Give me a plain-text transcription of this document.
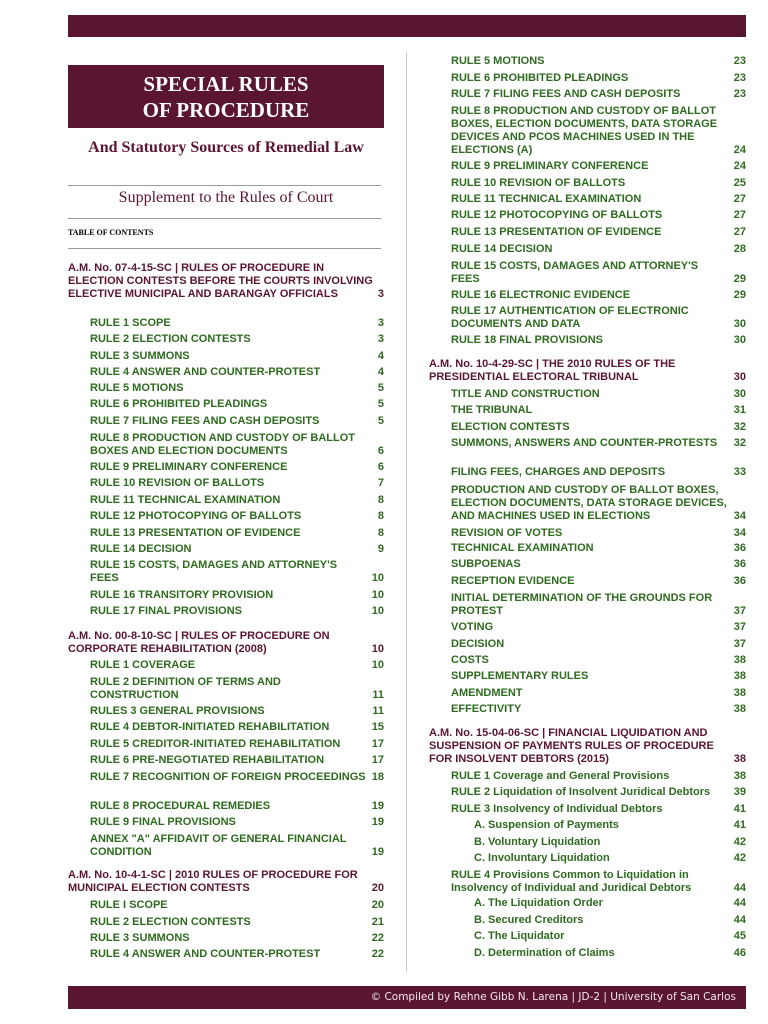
SPECIAL RULES
OF PROCEDURE
And Statutory Sources of Remedial Law
Supplement to the Rules of Court
TABLE OF CONTENTS
A.M. No. 07-4-15-SC | RULES OF PROCEDURE IN ELECTION CONTESTS BEFORE THE COURTS INVOLVING ELECTIVE MUNICIPAL AND BARANGAY OFFICIALS	3
RULE 1 SCOPE	3
RULE 2 ELECTION CONTESTS	3
RULE 3 SUMMONS	4
RULE 4 ANSWER AND COUNTER-PROTEST	4
RULE 5 MOTIONS	5
RULE 6 PROHIBITED PLEADINGS	5
RULE 7 FILING FEES AND CASH DEPOSITS	5
RULE 8 PRODUCTION AND CUSTODY OF BALLOT BOXES AND ELECTION DOCUMENTS	6
RULE 9 PRELIMINARY CONFERENCE	6
RULE 10 REVISION OF BALLOTS	7
RULE 11 TECHNICAL EXAMINATION	8
RULE 12 PHOTOCOPYING OF BALLOTS	8
RULE 13 PRESENTATION OF EVIDENCE	8
RULE 14 DECISION	9
RULE 15 COSTS, DAMAGES AND ATTORNEY'S FEES	10
RULE 16 TRANSITORY PROVISION	10
RULE 17 FINAL PROVISIONS	10
A.M. No. 00-8-10-SC | RULES OF PROCEDURE ON CORPORATE REHABILITATION (2008)	10
RULE 1 COVERAGE	10
RULE 2 DEFINITION OF TERMS AND CONSTRUCTION	11
RULES 3 GENERAL PROVISIONS	11
RULE 4 DEBTOR-INITIATED REHABILITATION	15
RULE 5 CREDITOR-INITIATED REHABILITATION	17
RULE 6 PRE-NEGOTIATED REHABILITATION	17
RULE 7 RECOGNITION OF FOREIGN PROCEEDINGS 18
RULE 8 PROCEDURAL REMEDIES	19
RULE 9 FINAL PROVISIONS	19
ANNEX "A" AFFIDAVIT OF GENERAL FINANCIAL CONDITION	19
A.M. No. 10-4-1-SC | 2010 RULES OF PROCEDURE FOR MUNICIPAL ELECTION CONTESTS	20
RULE I SCOPE	20
RULE 2 ELECTION CONTESTS	21
RULE 3 SUMMONS	22
RULE 4 ANSWER AND COUNTER-PROTEST	22
RULE 5 MOTIONS	23
RULE 6 PROHIBITED PLEADINGS	23
RULE 7 FILING FEES AND CASH DEPOSITS	23
RULE 8 PRODUCTION AND CUSTODY OF BALLOT BOXES, ELECTION DOCUMENTS, DATA STORAGE DEVICES AND PCOS MACHINES USED IN THE ELECTIONS (A)	24
RULE 9 PRELIMINARY CONFERENCE	24
RULE 10 REVISION OF BALLOTS	25
RULE 11 TECHNICAL EXAMINATION	27
RULE 12 PHOTOCOPYING OF BALLOTS	27
RULE 13 PRESENTATION OF EVIDENCE	27
RULE 14 DECISION	28
RULE 15 COSTS, DAMAGES AND ATTORNEY'S FEES	29
RULE 16 ELECTRONIC EVIDENCE	29
RULE 17 AUTHENTICATION OF ELECTRONIC DOCUMENTS AND DATA	30
RULE 18 FINAL PROVISIONS	30
A.M. No. 10-4-29-SC | THE 2010 RULES OF THE PRESIDENTIAL ELECTORAL TRIBUNAL	30
TITLE AND CONSTRUCTION	30
THE TRIBUNAL	31
ELECTION CONTESTS	32
SUMMONS, ANSWERS AND COUNTER-PROTESTS	32
FILING FEES, CHARGES AND DEPOSITS	33
PRODUCTION AND CUSTODY OF BALLOT BOXES, ELECTION DOCUMENTS, DATA STORAGE DEVICES, AND MACHINES USED IN ELECTIONS	34
REVISION OF VOTES	34
TECHNICAL EXAMINATION	36
SUBPOENAS	36
RECEPTION EVIDENCE	36
INITIAL DETERMINATION OF THE GROUNDS FOR PROTEST	37
VOTING	37
DECISION	37
COSTS	38
SUPPLEMENTARY RULES	38
AMENDMENT	38
EFFECTIVITY	38
A.M. No. 15-04-06-SC | FINANCIAL LIQUIDATION AND SUSPENSION OF PAYMENTS RULES OF PROCEDURE FOR INSOLVENT DEBTORS (2015)	38
RULE 1 Coverage and General Provisions	38
RULE 2 Liquidation of Insolvent Juridical Debtors	39
RULE 3 Insolvency of Individual Debtors	41
A. Suspension of Payments	41
B. Voluntary Liquidation	42
C. Involuntary Liquidation	42
RULE 4 Provisions Common to Liquidation in Insolvency of Individual and Juridical Debtors	44
A. The Liquidation Order	44
B. Secured Creditors	44
C. The Liquidator	45
D. Determination of Claims	46
© Compiled by Rehne Gibb N. Larena | JD-2 | University of San Carlos
